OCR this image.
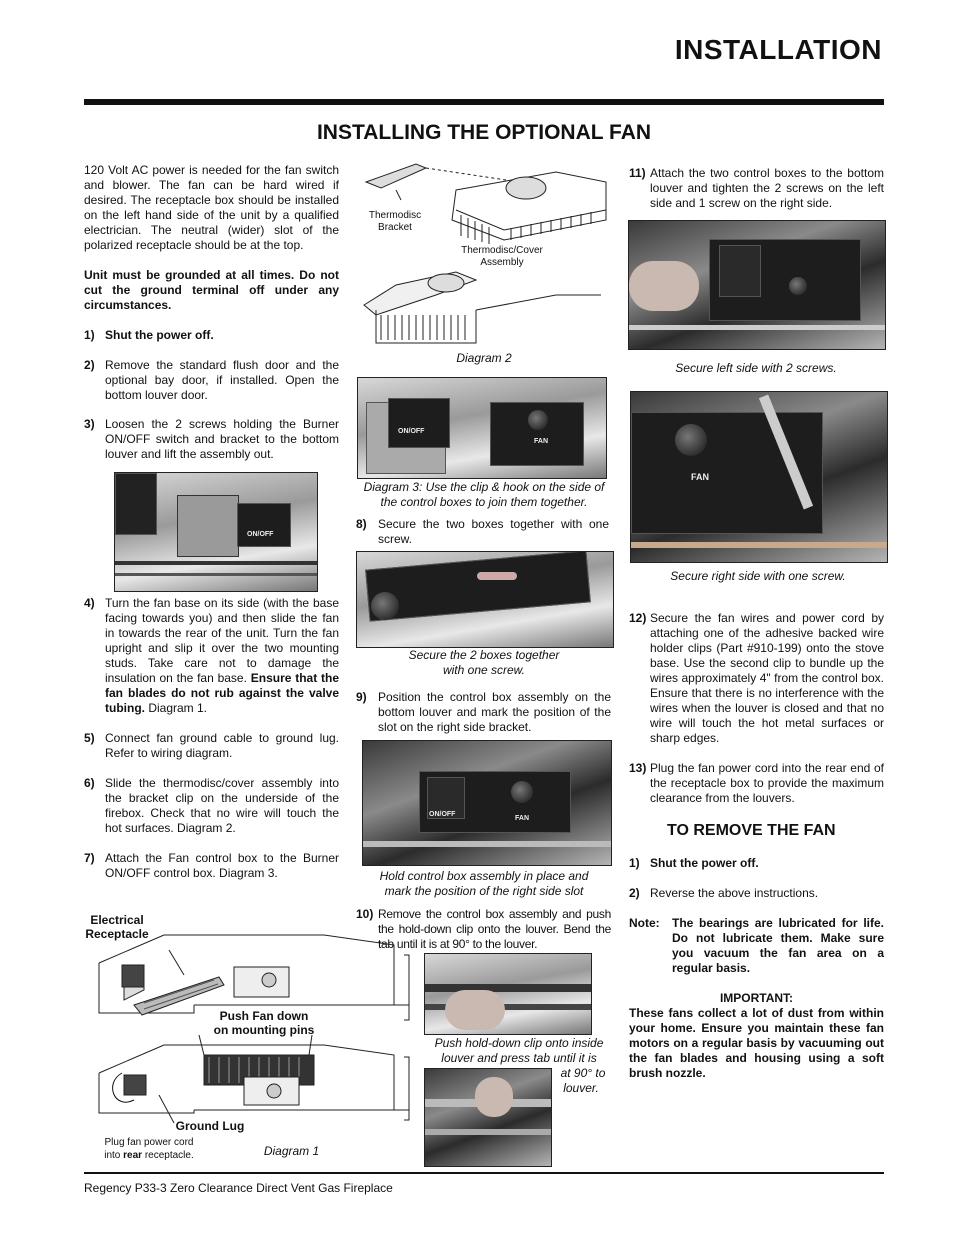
INSTALLATION
INSTALLING THE OPTIONAL FAN
120 Volt AC power is needed for the fan switch and blower. The fan can be hard wired if desired. The receptacle box should be installed on the left hand side of the unit by a qualified electrician. The neutral (wider) slot of the polarized receptacle should be at the top.
Unit must be grounded at all times. Do not cut the ground terminal off under any circumstances.
1) Shut the power off.
2) Remove the standard flush door and the optional bay door, if installed. Open the bottom louver door.
3) Loosen the 2 screws holding the Burner ON/OFF switch and bracket to the bottom louver and lift the assembly out.
ON/OFF
4) Turn the fan base on its side (with the base facing towards you) and then slide the fan in towards the rear of the unit. Turn the fan upright and slip it over the two mounting studs. Take care not to damage the insulation on the fan base. Ensure that the fan blades do not rub against the valve tubing. Diagram 1.
5) Connect fan ground cable to ground lug. Refer to wiring diagram.
6) Slide the thermodisc/cover assembly into the bracket clip on the underside of the firebox. Check that no wire will touch the hot surfaces. Diagram 2.
7) Attach the Fan control box to the Burner ON/OFF control box. Diagram 3.
Electrical
Receptacle
Push Fan down
on mounting pins
Ground Lug
Plug fan power cord
into rear receptacle.	Diagram 1
Thermodisc
Bracket
Thermodisc/Cover
Assembly
Diagram 2
ON/OFF
FAN
Diagram 3: Use the clip & hook on the side of the control boxes to join them together.
8) Secure the two boxes together with one screw.
Secure the 2 boxes together
with one screw.
9) Position the control box assembly on the bottom louver and mark the position of the slot on the right side bracket.
ON/OFF
FAN
Hold control box assembly in place and
mark the position of the right side slot
10) Remove the control box assembly and push the hold-down clip onto the louver. Bend the tab until it is at 90° to the louver.
Push hold-down clip onto inside
louver and press tab until it is
at 90° to
louver.
11) Attach the two control boxes to the bottom louver and tighten the 2 screws on the left side and 1 screw on the right side.
Secure left side with 2 screws.
FAN
Secure right side with one screw.
12) Secure the fan wires and power cord by attaching one of the adhesive backed wire holder clips (Part #910-199) onto the stove base. Use the second clip to bundle up the wires approximately 4" from the control box. Ensure that there is no interference with the wires when the louver is closed and that no wire will touch the hot metal surfaces or sharp edges.
13) Plug the fan power cord into the rear end of the receptacle box to provide the maximum clearance from the louvers.
TO REMOVE THE FAN
1) Shut the power off.
2) Reverse the above instructions.
Note: The bearings are lubricated for life. Do not lubricate them. Make sure you vacuum the fan area on a regular basis.
IMPORTANT:
These fans collect a lot of dust from within your home. Ensure you maintain these fan motors on a regular basis by vacuuming out the fan blades and housing using a soft brush nozzle.
Regency P33-3 Zero Clearance Direct Vent Gas Fireplace
